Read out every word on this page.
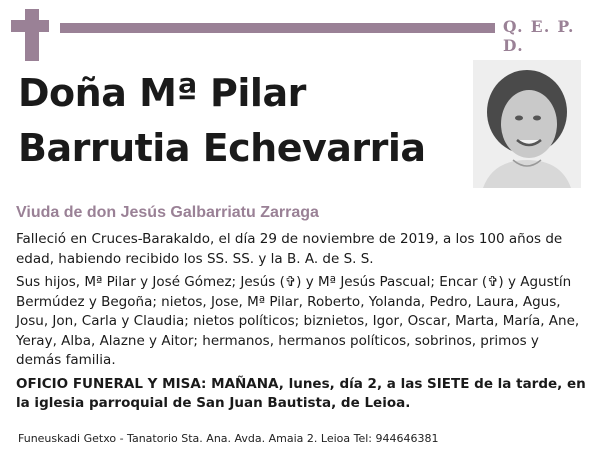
Q. E. P. D.
Doña Mª Pilar
Barrutia Echevarria
Viuda de don Jesús Galbarriatu Zarraga

Falleció en Cruces-Barakaldo, el día 29 de noviembre de 2019, a los 100 años de edad, habiendo recibido los SS. SS. y la B. A. de S. S.

Sus hijos, Mª Pilar y José Gómez; Jesús (✞) y Mª Jesús Pascual; Encar (✞) y Agustín Bermúdez y Begoña; nietos, Jose, Mª Pilar, Roberto, Yolanda, Pedro, Laura, Agus, Josu, Jon, Carla y Claudia; nietos políticos; biznietos, Igor, Oscar, Marta, María, Ane, Yeray, Alba, Alazne y Aitor; hermanos, hermanos políticos, sobrinos, primos y demás familia.

OFICIO FUNERAL Y MISA: MAÑANA, lunes, día 2, a las SIETE de la tarde, en la iglesia parroquial de San Juan Bautista, de Leioa.

Funeuskadi Getxo - Tanatorio Sta. Ana. Avda. Amaia 2. Leioa Tel: 944646381
